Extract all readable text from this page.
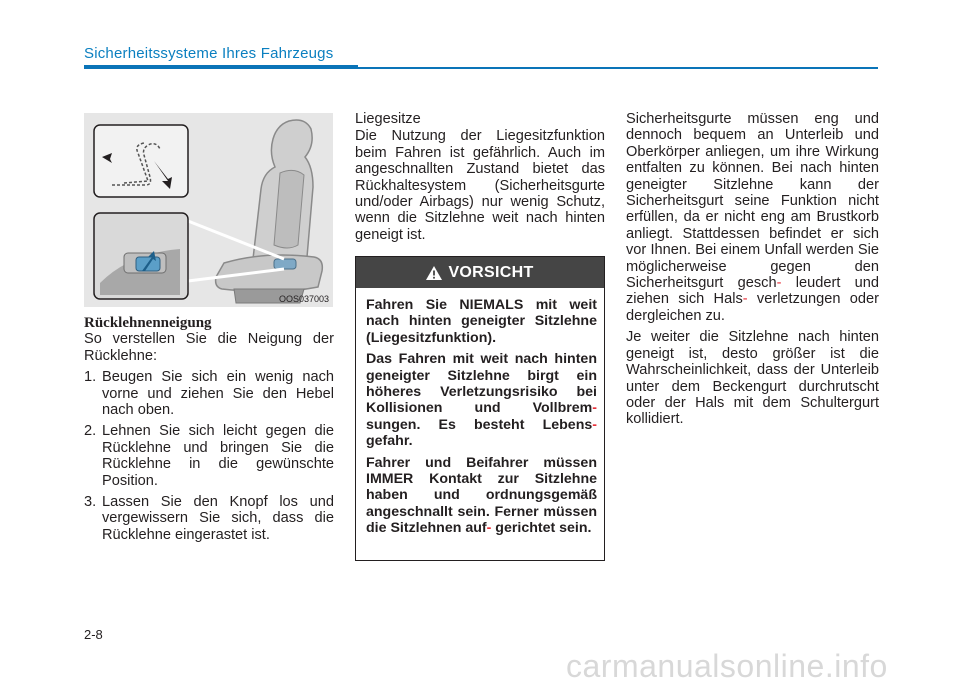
Sicherheitssysteme Ihres Fahrzeugs
OOS037003

Rücklehnenneigung

So verstellen Sie die Neigung der Rücklehne:

1. Beugen Sie sich ein wenig nach vorne und ziehen Sie den Hebel nach oben.
2. Lehnen Sie sich leicht gegen die Rücklehne und bringen Sie die Rücklehne in die gewünschte Position.
3. Lassen Sie den Knopf los und vergewissern Sie sich, dass die Rücklehne eingerastet ist.

Liegesitze

Die Nutzung der Liegesitzfunktion beim Fahren ist gefährlich. Auch im angeschnallten Zustand bietet das Rückhaltesystem (Sicherheitsgurte und/oder Airbags) nur wenig Schutz, wenn die Sitzlehne weit nach hinten geneigt ist.

VORSICHT

Fahren Sie NIEMALS mit weit nach hinten geneigter Sitzlehne (Liegesitzfunktion).

Das Fahren mit weit nach hinten geneigter Sitzlehne birgt ein höheres Verletzungsrisiko bei Kollisionen und Vollbrem- sungen. Es besteht Lebens- gefahr.

Fahrer und Beifahrer müssen IMMER Kontakt zur Sitzlehne haben und ordnungsgemäß angeschnallt sein. Ferner müssen die Sitzlehnen auf- gerichtet sein.

Sicherheitsgurte müssen eng und dennoch bequem an Unterleib und Oberkörper anliegen, um ihre Wirkung entfalten zu können. Bei nach hinten geneigter Sitzlehne kann der Sicherheitsgurt seine Funktion nicht erfüllen, da er nicht eng am Brustkorb anliegt. Stattdessen befindet er sich vor Ihnen. Bei einem Unfall werden Sie möglicherweise gegen den Sicherheitsgurt gesch- leudert und ziehen sich Hals- verletzungen oder dergleichen zu.

Je weiter die Sitzlehne nach hinten geneigt ist, desto größer ist die Wahrscheinlichkeit, dass der Unterleib unter dem Beckengurt durchrutscht oder der Hals mit dem Schultergurt kollidiert.

2-8
carmanualsonline.info
